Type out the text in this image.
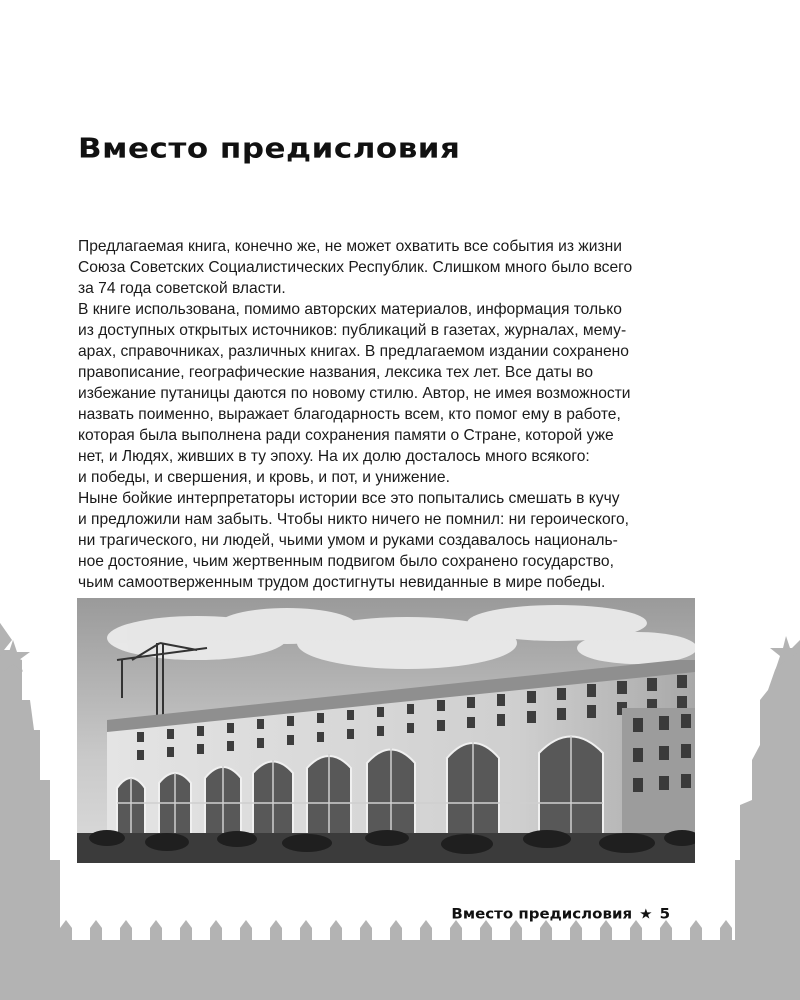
Вместо предисловия

Предлагаемая книга, конечно же, не может охватить все события из жизни

Союза Советских Социалистических Республик. Слишком много было всего

за 74 года советской власти.

В книге использована, помимо авторских материалов, информация только

из доступных открытых источников: публикаций в газетах, журналах, мему-

арах, справочниках, различных книгах. В предлагаемом издании сохранено

правописание, географические названия, лексика тех лет. Все даты во

избежание путаницы даются по новому стилю. Автор, не имея возможности

назвать поименно, выражает благодарность всем, кто помог ему в работе,

которая была выполнена ради сохранения памяти о Стране, которой уже

нет, и Людях, живших в ту эпоху. На их долю досталось много всякого:

и победы, и свершения, и кровь, и пот, и унижение.

Ныне бойкие интерпретаторы истории все это попытались смешать в кучу

и предложили нам забыть. Чтобы никто ничего не помнил: ни героического,

ни трагического, ни людей, чьими умом и руками создавалось националь-

ное достояние, чьим жертвенным подвигом было сохранено государство,

чьим самоотверженным трудом достигнуты невиданные в мире победы.

Вместо предисловия ★ 5
